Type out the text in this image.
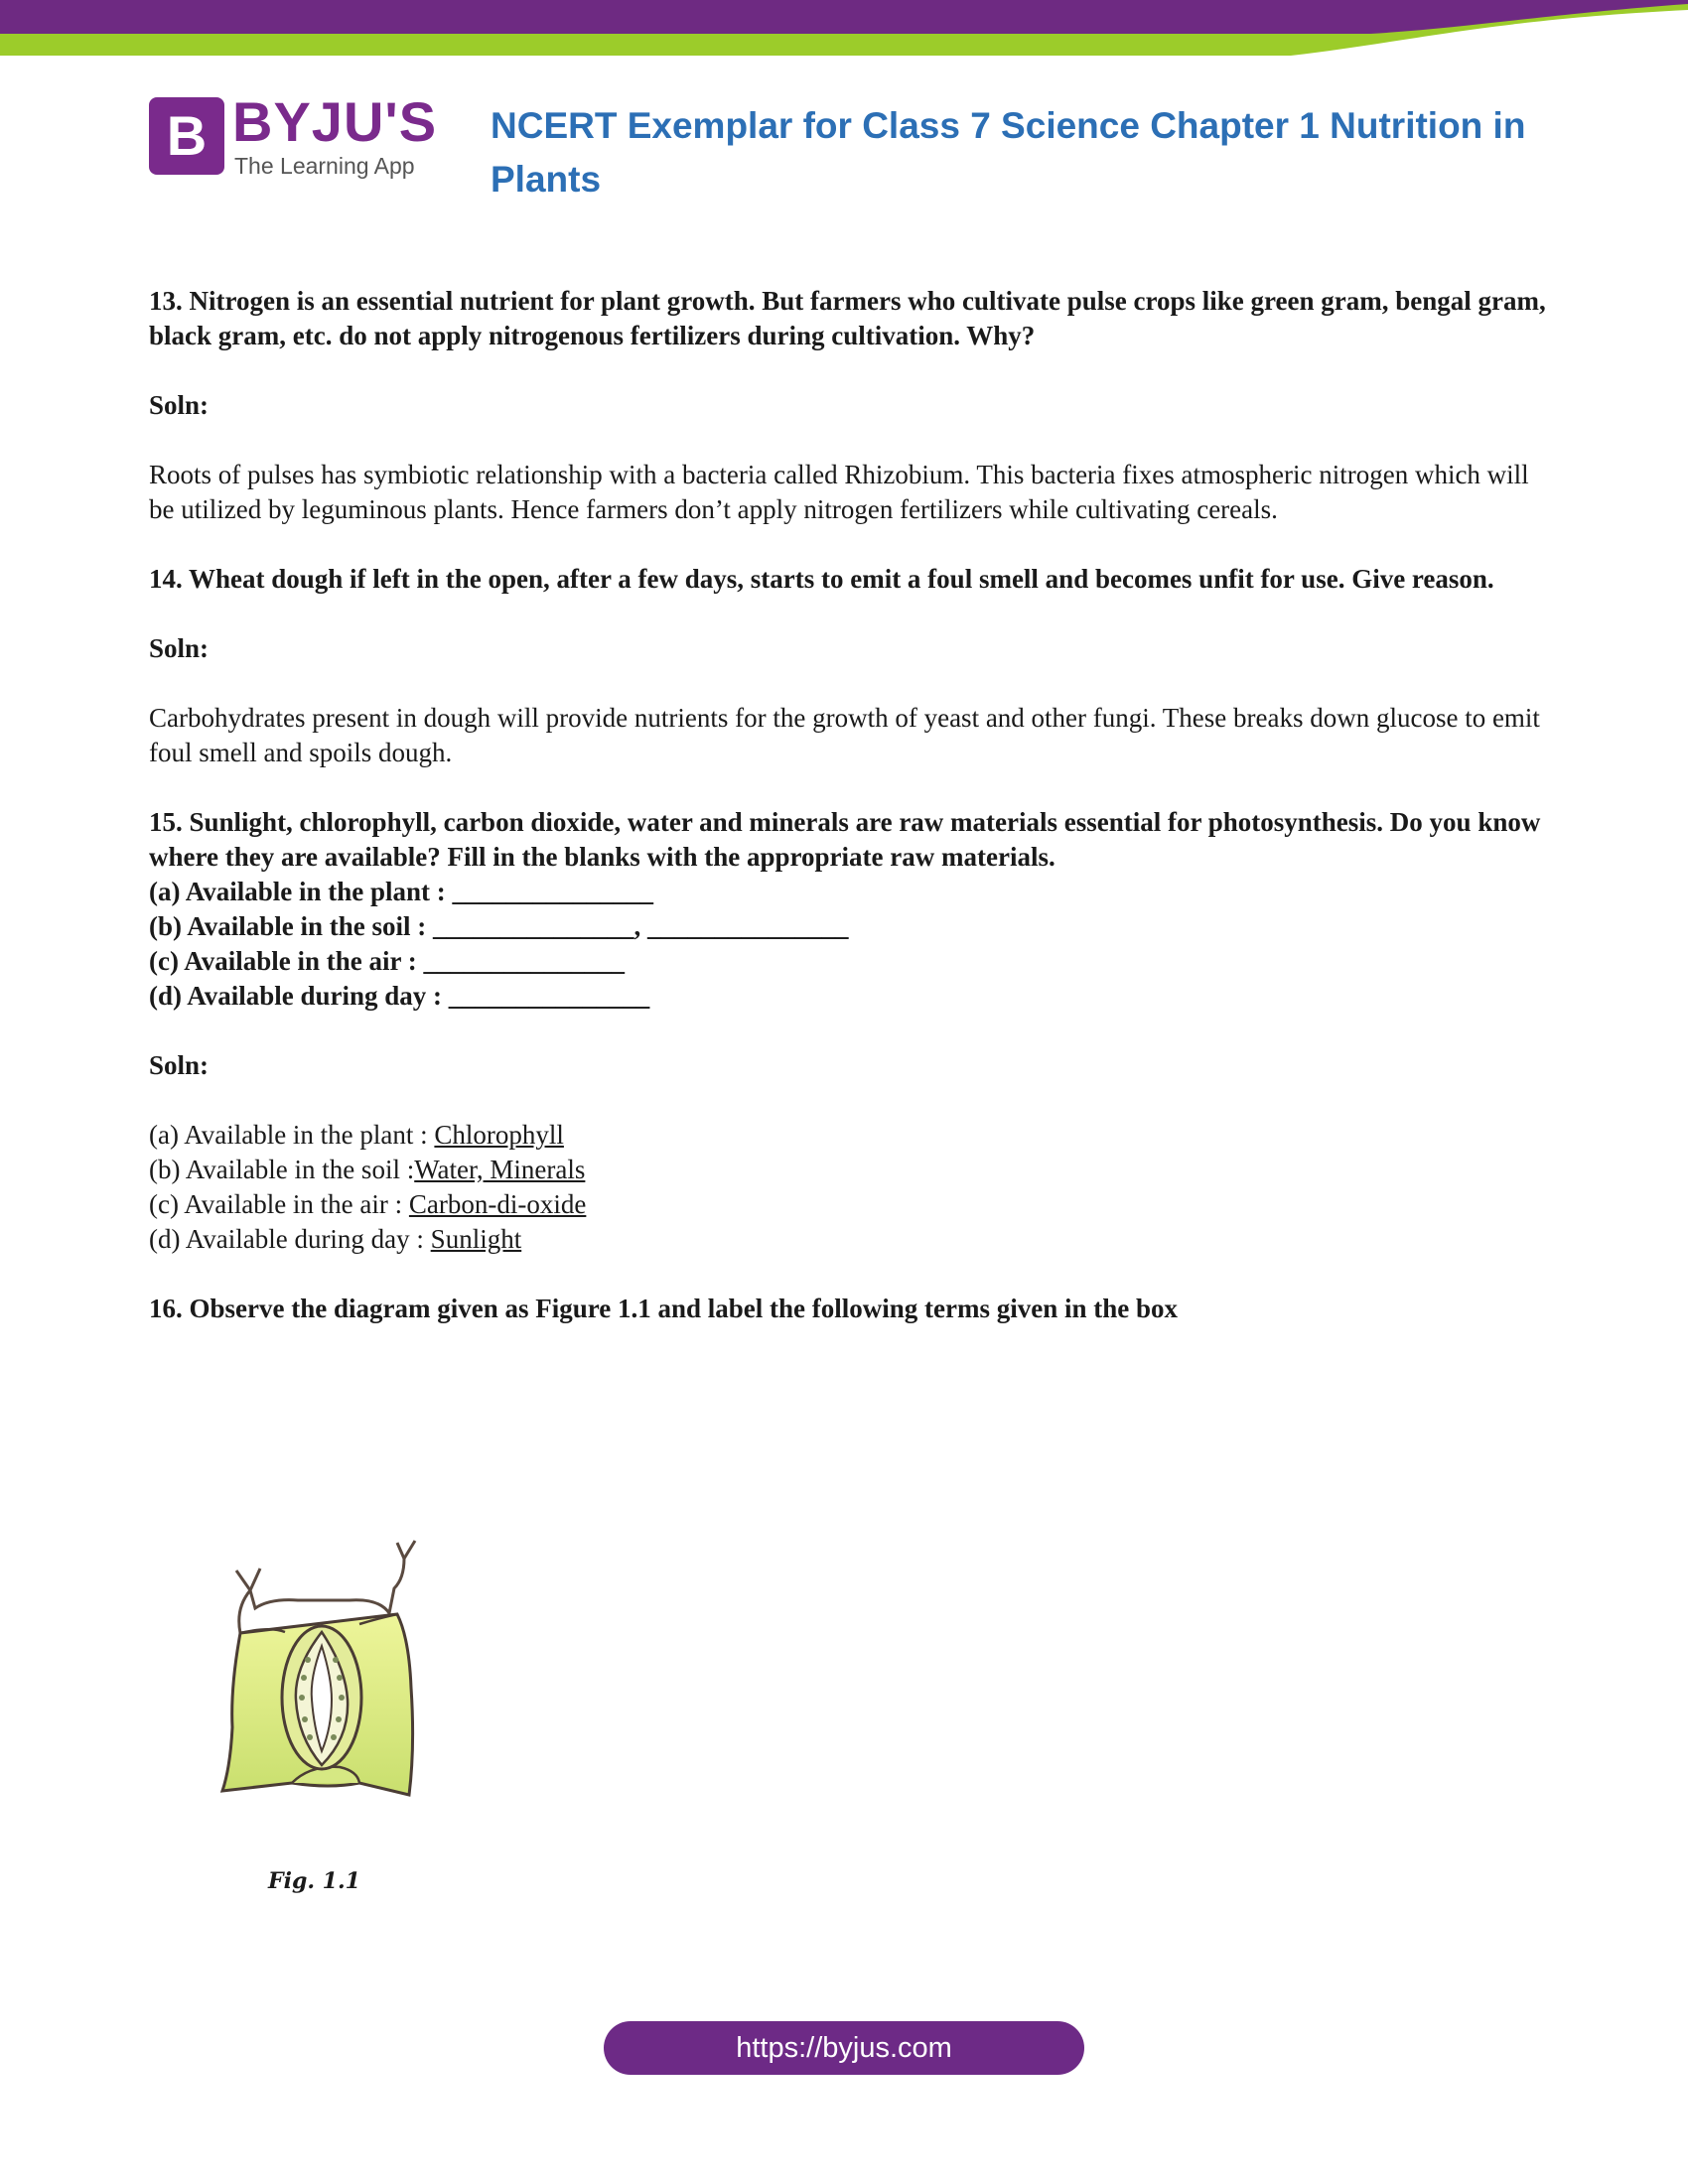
B BYJU'S
The Learning App
NCERT Exemplar for Class 7 Science Chapter 1 Nutrition in Plants

13. Nitrogen is an essential nutrient for plant growth. But farmers who cultivate pulse crops like green gram, bengal gram, black gram, etc. do not apply nitrogenous fertilizers during cultivation. Why?

Soln:

Roots of pulses has symbiotic relationship with a bacteria called Rhizobium. This bacteria fixes atmospheric nitrogen which will be utilized by leguminous plants. Hence farmers don’t apply nitrogen fertilizers while cultivating cereals.

14. Wheat dough if left in the open, after a few days, starts to emit a foul smell and becomes unfit for use. Give reason.

Soln:

Carbohydrates present in dough will provide nutrients for the growth of yeast and other fungi. These breaks down glucose to emit foul smell and spoils dough.

15. Sunlight, chlorophyll, carbon dioxide, water and minerals are raw materials essential for photosynthesis. Do you know where they are available? Fill in the blanks with the appropriate raw materials.

(a) Available in the plant : _______________

(b) Available in the soil : _______________, _______________

(c) Available in the air : _______________

(d) Available during day : _______________

Soln:

(a) Available in the plant : Chlorophyll

(b) Available in the soil :Water, Minerals

(c) Available in the air : Carbon-di-oxide

(d) Available during day : Sunlight

16. Observe the diagram given as Figure 1.1 and label the following terms given in the box

Fig. 1.1
https://byjus.com
